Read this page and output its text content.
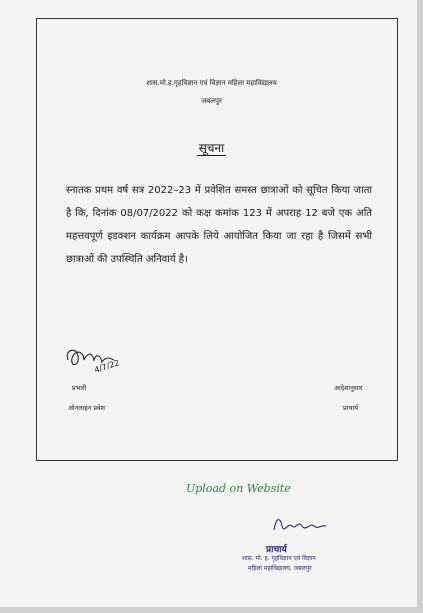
शास.मो.ह.गृहविज्ञान एवं विज्ञान महिला महाविद्यालय
जबलपुर
सूचना
स्नातक प्रथम वर्ष सत्र 2022–23 में प्रवेशित समस्त छात्राओं को सूचित किया जाता है कि, दिनांक 08/07/2022 को कक्ष कमांक 123 में अपराह 12 बजे एक अति महत्तवपूर्ण इडक्शन कार्यक्रम आपके लिये आयोजित किया जा रहा है जिसमें सभी छात्राओं की उपस्थिति अनिवार्य है।
4/7/22
प्रभारी
ऑनलाइन प्रवेश
आदेशानुसार
प्राचार्य
Upload on Website
प्राचार्य
शास. मो. ह. गृहविज्ञान एवं विज्ञान
महिला महाविद्यालय, जबलपुर
